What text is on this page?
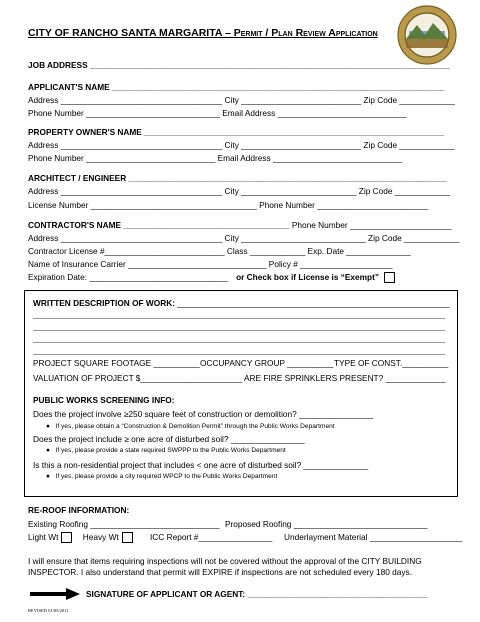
CITY OF RANCHO SANTA MARGARITA – Permit / Plan Review Application
JOB ADDRESS ______________________________________________________________________________
APPLICANT'S NAME ________________________________________________________________________
Address ___________________________________ City __________________________ Zip Code ____________
Phone Number _____________________________ Email Address ____________________________
PROPERTY OWNER'S NAME _________________________________________________________________
Address ___________________________________ City __________________________ Zip Code ____________
Phone Number ____________________________ Email Address ____________________________
ARCHITECT / ENGINEER _____________________________________________________________________
Address ___________________________________ City _________________________ Zip Code ____________
License Number ____________________________________ Phone Number ________________________
CONTRACTOR'S NAME ____________________________________ Phone Number ______________________
Address ___________________________________ City ___________________________ Zip Code ____________
Contractor License #__________________________ Class ____________ Exp. Date ______________
Name of Insurance Carrier ______________________________ Policy # ____________________
Expiration Date: ______________________________ or Check box if License is “Exempt”
WRITTEN DESCRIPTION OF WORK: ___________________________________________________________
PROJECT SQUARE FOOTAGE __________ OCCUPANCY GROUP __________ TYPE OF CONST.__________
VALUATION OF PROJECT $______________________ ARE FIRE SPRINKLERS PRESENT? _____________
PUBLIC WORKS SCREENING INFO:
Does the project involve ≥250 square feet of construction or demolition? ________________
● If yes, please obtain a “Construction & Demolition Permit” through the Public Works Department
Does the project include ≥ one acre of disturbed soil? ________________
● If yes, please provide a state required SWPPP to the Public Works Department
Is this a non-residential project that includes < one acre of disturbed soil? ______________
● If yes, please provide a city required WPCP to the Public Works Department
RE-ROOF INFORMATION:
Existing Roofing ____________________________ Proposed Roofing _____________________________
Light Wt	Heavy Wt	ICC Report #________________ Underlayment Material ____________________
I will ensure that items requiring inspections will not be covered without the approval of the CITY BUILDING
INSPECTOR. I also understand that permit will EXPIRE if inspections are not scheduled every 180 days.
SIGNATURE OF APPLICANT OR AGENT: _______________________________________
REVISED 01/05/2011
